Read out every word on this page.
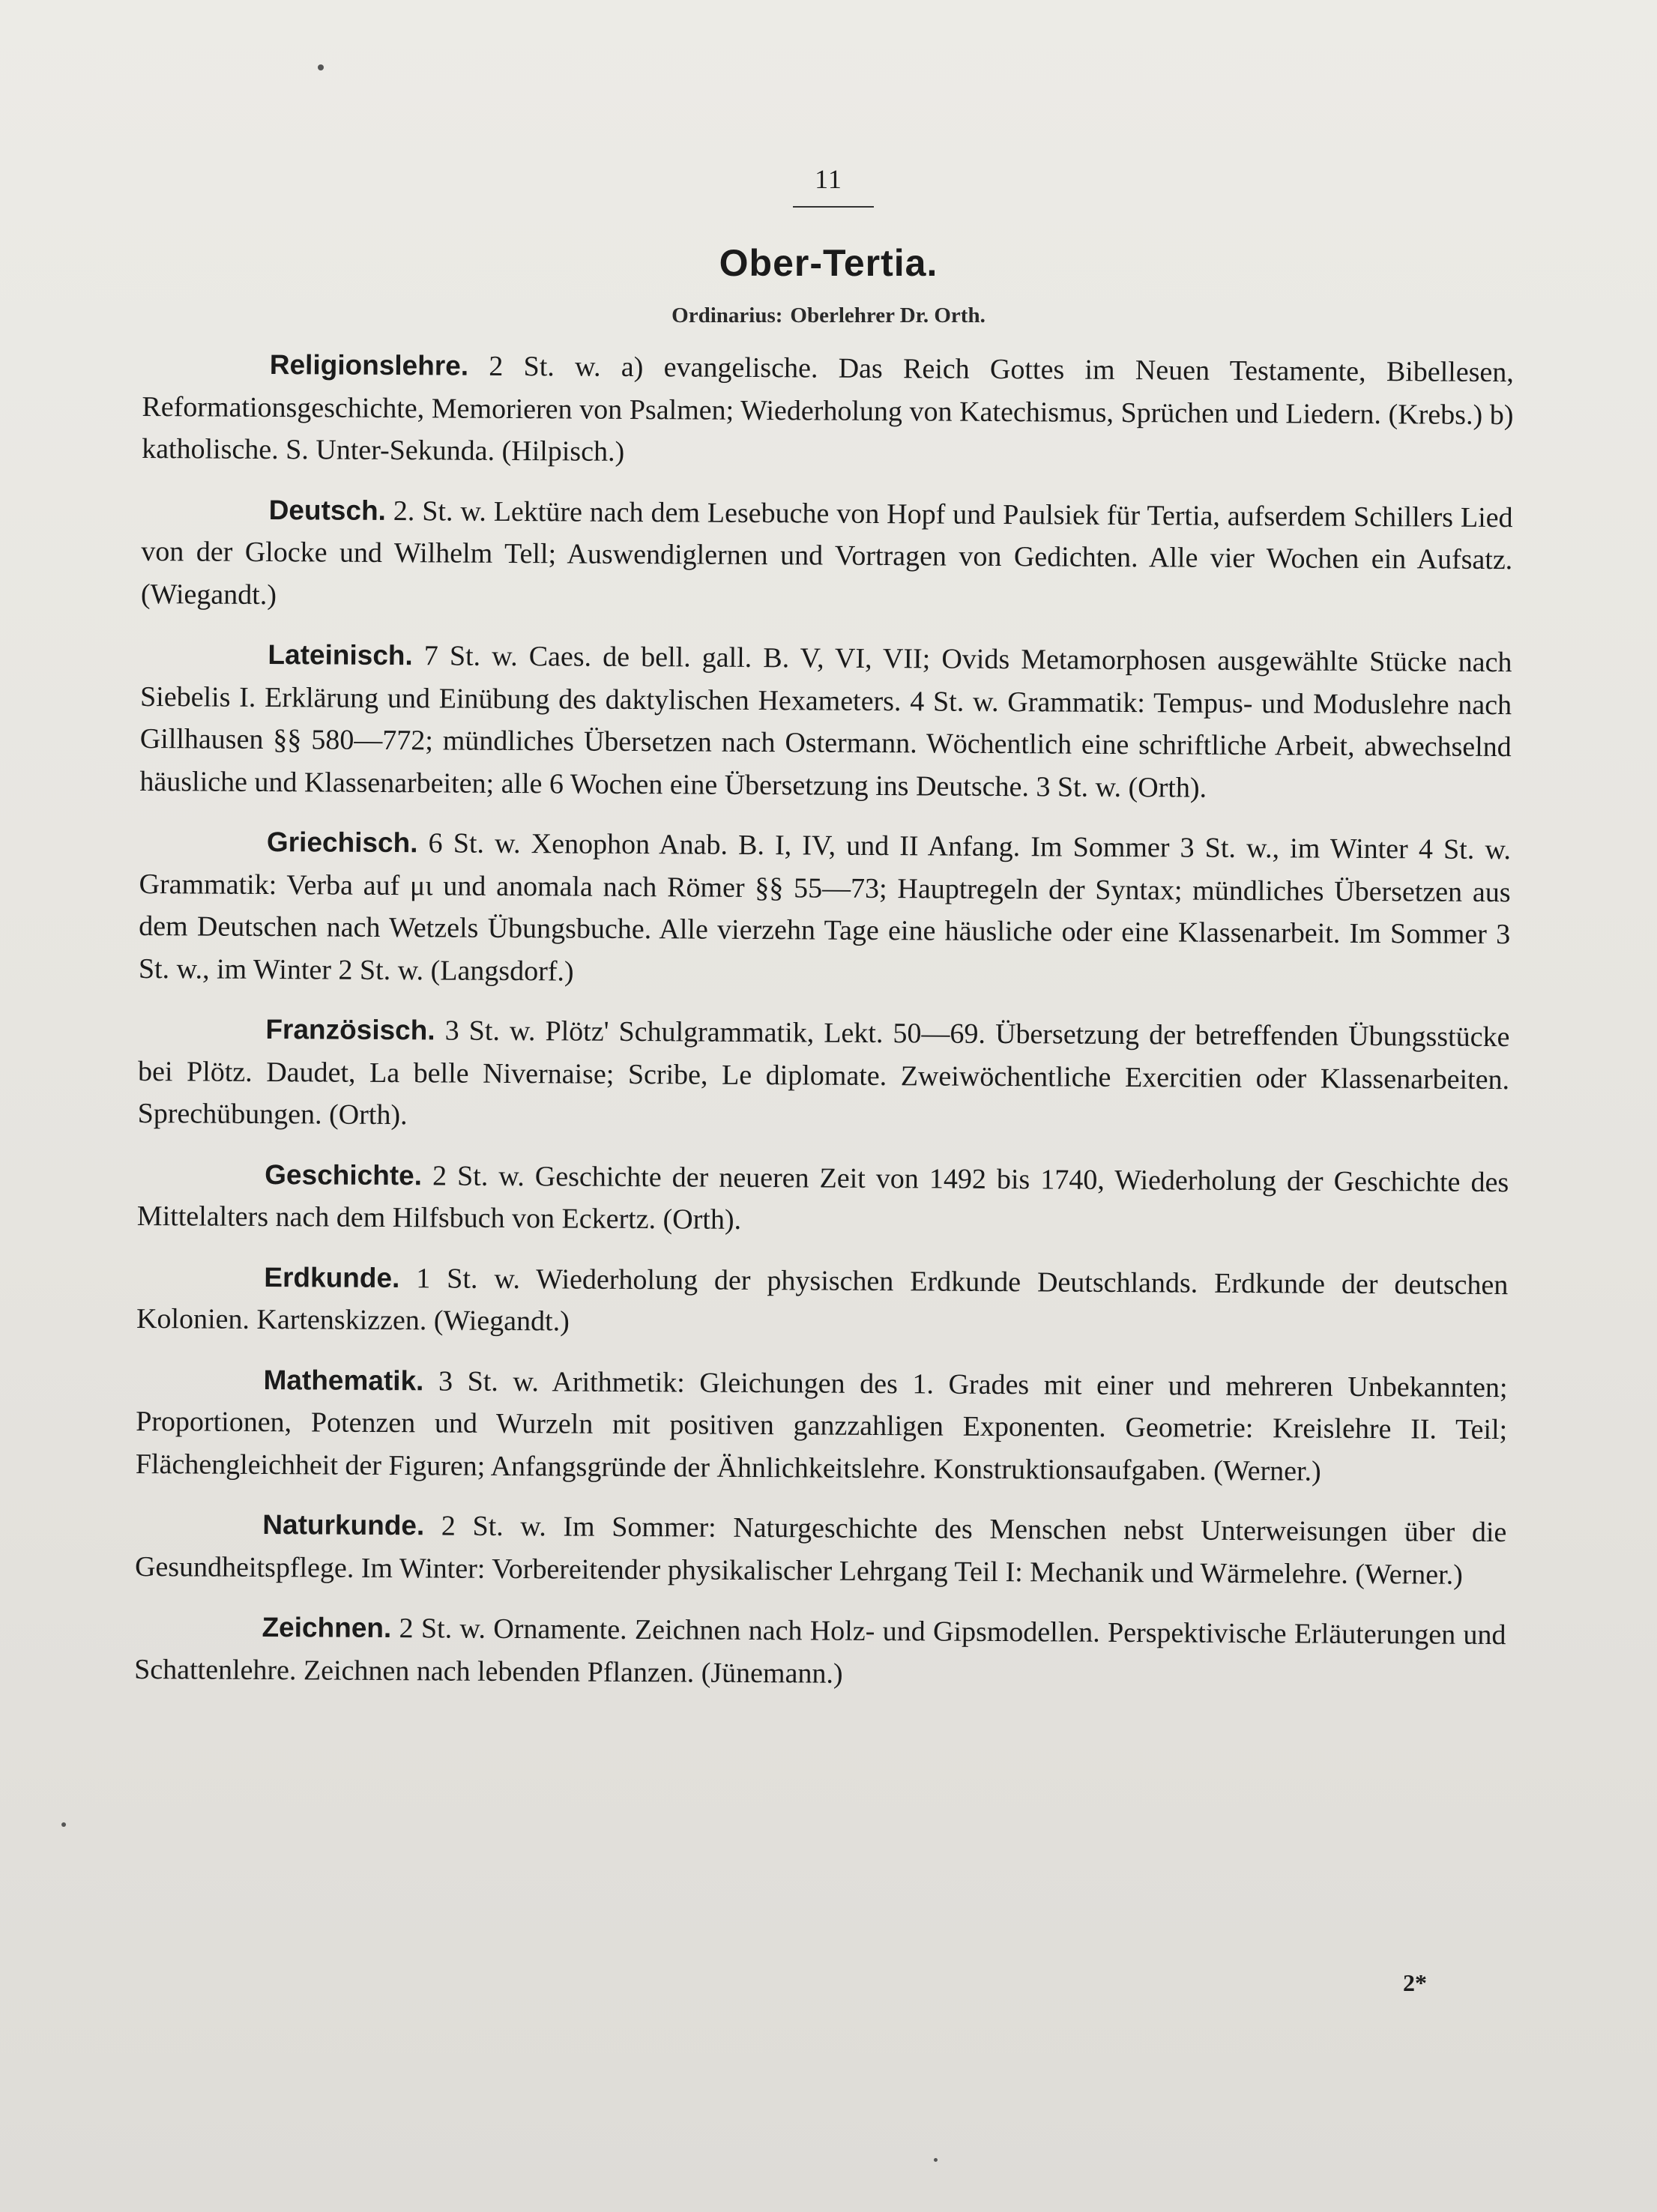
11
Ober-Tertia.
Ordinarius: Oberlehrer Dr. Orth.

Religionslehre. 2 St. w. a) evangelische. Das Reich Gottes im Neuen Testamente, Bibellesen, Reformationsgeschichte, Memorieren von Psalmen; Wiederholung von Katechismus, Sprüchen und Liedern. (Krebs.) b) katholische. S. Unter-Sekunda. (Hilpisch.)

Deutsch. 2. St. w. Lektüre nach dem Lesebuche von Hopf und Paulsiek für Tertia, aufserdem Schillers Lied von der Glocke und Wilhelm Tell; Auswendiglernen und Vortragen von Gedichten. Alle vier Wochen ein Aufsatz. (Wiegandt.)

Lateinisch. 7 St. w. Caes. de bell. gall. B. V, VI, VII; Ovids Metamorphosen ausgewählte Stücke nach Siebelis I. Erklärung und Einübung des daktylischen Hexameters. 4 St. w. Grammatik: Tempus- und Moduslehre nach Gillhausen §§ 580—772; mündliches Übersetzen nach Ostermann. Wöchentlich eine schriftliche Arbeit, abwechselnd häusliche und Klassenarbeiten; alle 6 Wochen eine Übersetzung ins Deutsche. 3 St. w. (Orth).

Griechisch. 6 St. w. Xenophon Anab. B. I, IV, und II Anfang. Im Sommer 3 St. w., im Winter 4 St. w. Grammatik: Verba auf μι und anomala nach Römer §§ 55—73; Hauptregeln der Syntax; mündliches Übersetzen aus dem Deutschen nach Wetzels Übungsbuche. Alle vierzehn Tage eine häusliche oder eine Klassenarbeit. Im Sommer 3 St. w., im Winter 2 St. w. (Langsdorf.)

Französisch. 3 St. w. Plötz' Schulgrammatik, Lekt. 50—69. Übersetzung der betreffenden Übungsstücke bei Plötz. Daudet, La belle Nivernaise; Scribe, Le diplomate. Zweiwöchentliche Exercitien oder Klassenarbeiten. Sprechübungen. (Orth).

Geschichte. 2 St. w. Geschichte der neueren Zeit von 1492 bis 1740, Wiederholung der Geschichte des Mittelalters nach dem Hilfsbuch von Eckertz. (Orth).

Erdkunde. 1 St. w. Wiederholung der physischen Erdkunde Deutschlands. Erdkunde der deutschen Kolonien. Kartenskizzen. (Wiegandt.)

Mathematik. 3 St. w. Arithmetik: Gleichungen des 1. Grades mit einer und mehreren Unbekannten; Proportionen, Potenzen und Wurzeln mit positiven ganzzahligen Exponenten. Geometrie: Kreislehre II. Teil; Flächengleichheit der Figuren; Anfangsgründe der Ähnlichkeitslehre. Konstruktionsaufgaben. (Werner.)

Naturkunde. 2 St. w. Im Sommer: Naturgeschichte des Menschen nebst Unterweisungen über die Gesundheitspflege. Im Winter: Vorbereitender physikalischer Lehrgang Teil I: Mechanik und Wärmelehre. (Werner.)

Zeichnen. 2 St. w. Ornamente. Zeichnen nach Holz- und Gipsmodellen. Perspektivische Erläuterungen und Schattenlehre. Zeichnen nach lebenden Pflanzen. (Jünemann.)

2*
